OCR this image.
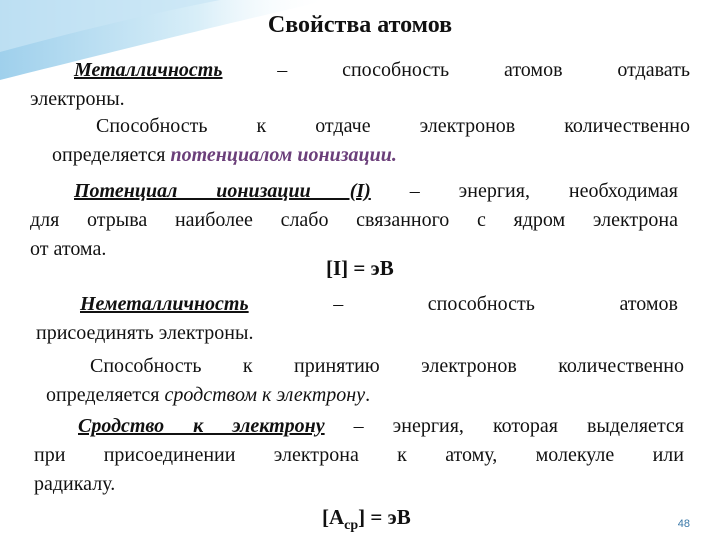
Свойства атомов
Металличность – способность атомов отдавать
электроны.
Способность к отдаче электронов количественно
определяется потенциалом ионизации.
Потенциал ионизации (I) – энергия, необходимая
для отрыва наиболее слабо связанного с ядром электрона
от атома.
[I] = эВ
Неметалличность – способность атомов
присоединять электроны.
Способность к принятию электронов количественно
определяется сродством к электрону.
Сродство к электрону – энергия, которая выделяется
при присоединении электрона к атому, молекуле или
радикалу.
$[A_{ср}]$ = эВ	48
